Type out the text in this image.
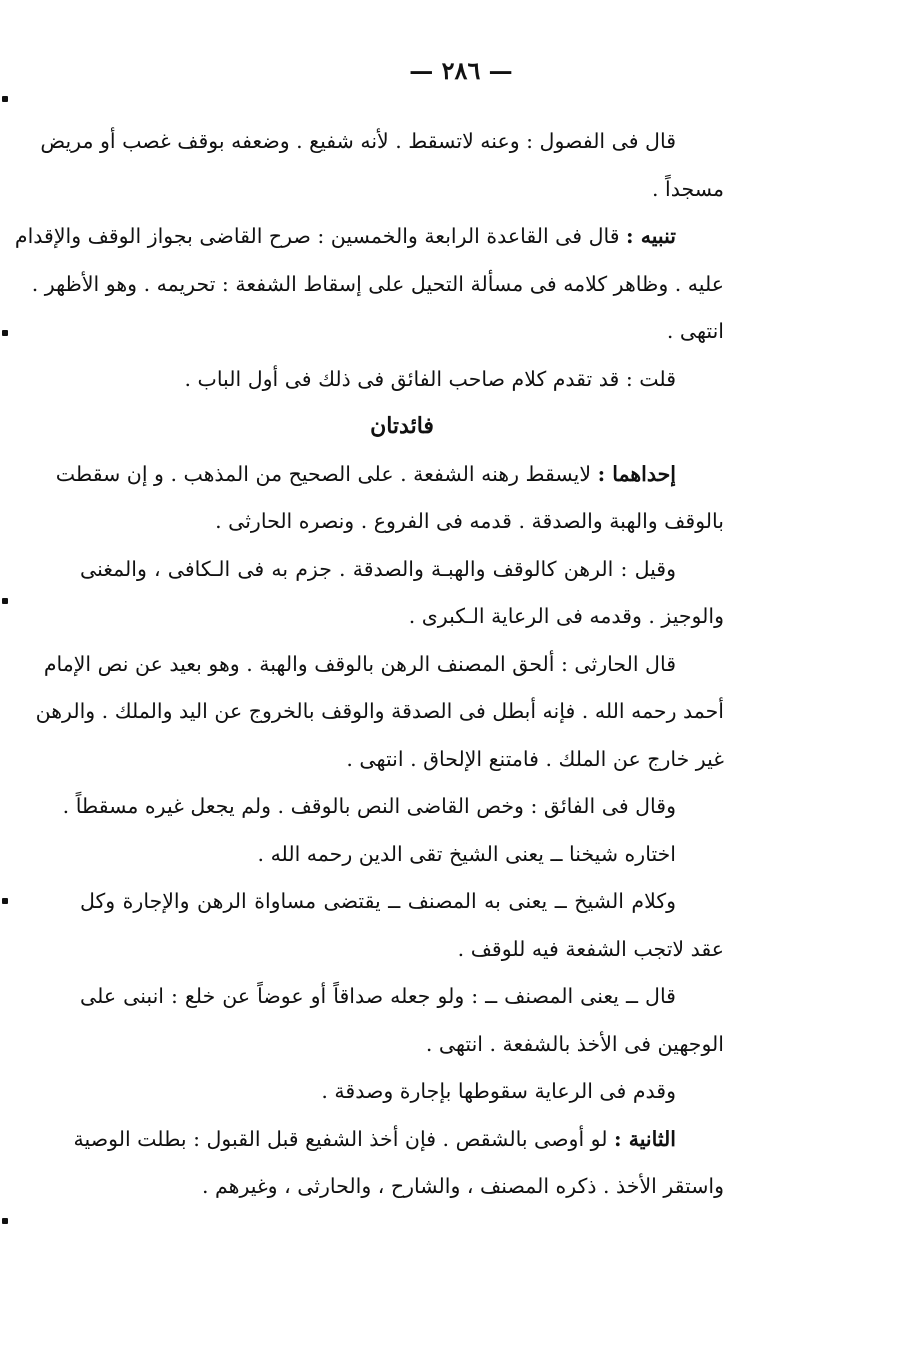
— ٢٨٦ —
قال فى الفصول : وعنه لاتسقط . لأنه شفيع . وضعفه بوقف غصب أو مريض
مسجداً .
تنبيه : قال فى القاعدة الرابعة والخمسين : صرح القاضى بجواز الوقف والإقدام
عليه . وظاهر كلامه فى مسألة التحيل على إسقاط الشفعة : تحريمه . وهو الأظهر .
انتهى .
قلت : قد تقدم كلام صاحب الفائق فى ذلك فى أول الباب .
فائدتان
إحداهما : لايسقط رهنه الشفعة . على الصحيح من المذهب . و إن سقطت
بالوقف والهبة والصدقة . قدمه فى الفروع . ونصره الحارثى .
وقيل : الرهن كالوقف والهبـة والصدقة . جزم به فى الـكافى ، والمغنى
والوجيز . وقدمه فى الرعاية الـكبرى .
قال الحارثى : ألحق المصنف الرهن بالوقف والهبة . وهو بعيد عن نص الإمام
أحمد رحمه الله . فإنه أبطل فى الصدقة والوقف بالخروج عن اليد والملك . والرهن
غير خارج عن الملك . فامتنع الإلحاق . انتهى .
وقال فى الفائق : وخص القاضى النص بالوقف . ولم يجعل غيره مسقطاً .
اختاره شيخنا ــ يعنى الشيخ تقى الدين رحمه الله .
وكلام الشيخ ــ يعنى به المصنف ــ يقتضى مساواة الرهن والإجارة وكل
عقد لاتجب الشفعة فيه للوقف .
قال ــ يعنى المصنف ــ : ولو جعله صداقاً أو عوضاً عن خلع : انبنى على
الوجهين فى الأخذ بالشفعة . انتهى .
وقدم فى الرعاية سقوطها بإجارة وصدقة .
الثانية : لو أوصى بالشقص . فإن أخذ الشفيع قبل القبول : بطلت الوصية
واستقر الأخذ . ذكره المصنف ، والشارح ، والحارثى ، وغيرهم .
